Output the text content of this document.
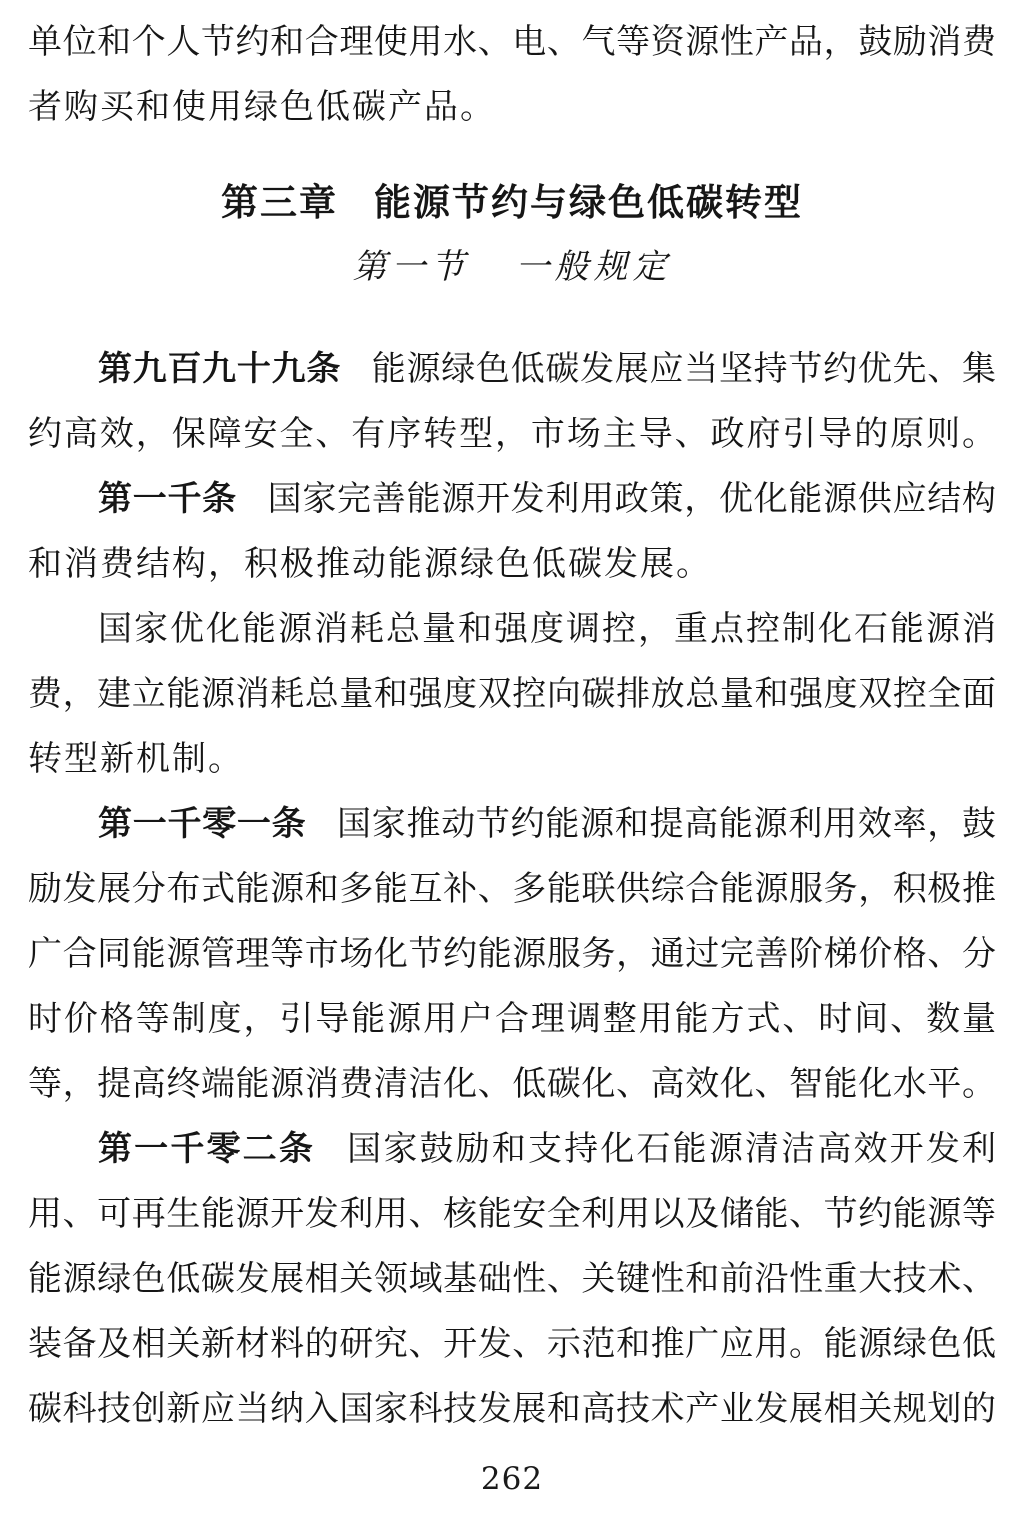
单位和个人节约和合理使用水、电、气等资源性产品，鼓励消费
者购买和使用绿色低碳产品。
第三章 能源节约与绿色低碳转型
第一节 一般规定
第九百九十九条 能源绿色低碳发展应当坚持节约优先、集
约高效，保障安全、有序转型，市场主导、政府引导的原则。
第一千条 国家完善能源开发利用政策，优化能源供应结构
和消费结构，积极推动能源绿色低碳发展。
国家优化能源消耗总量和强度调控，重点控制化石能源消
费，建立能源消耗总量和强度双控向碳排放总量和强度双控全面
转型新机制。
第一千零一条 国家推动节约能源和提高能源利用效率，鼓
励发展分布式能源和多能互补、多能联供综合能源服务，积极推
广合同能源管理等市场化节约能源服务，通过完善阶梯价格、分
时价格等制度，引导能源用户合理调整用能方式、时间、数量
等，提高终端能源消费清洁化、低碳化、高效化、智能化水平。
第一千零二条 国家鼓励和支持化石能源清洁高效开发利
用、可再生能源开发利用、核能安全利用以及储能、节约能源等
能源绿色低碳发展相关领域基础性、关键性和前沿性重大技术、
装备及相关新材料的研究、开发、示范和推广应用。能源绿色低
碳科技创新应当纳入国家科技发展和高技术产业发展相关规划的
262
